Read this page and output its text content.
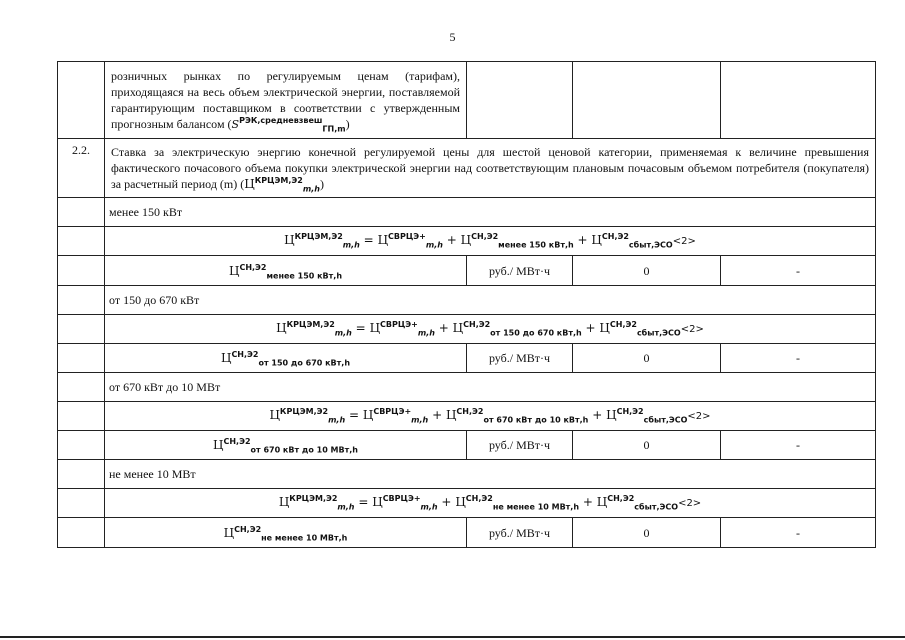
5
	розничных рынках по регулируемым ценам (тарифам), приходящаяся на весь объем электрической энергии, поставляемой гарантирующим поставщиком в соответствии с утвержденным прогнозным балансом $(S^{РЭК,средневзвеш}_{ГП,m})$			
2.2.	Ставка за электрическую энергию конечной регулируемой цены для шестой ценовой категории, применяемая к величине превышения фактического почасового объема покупки электрической энергии над соответствующим плановым почасовым объемом потребителя (покупателя) за расчетный период (m) $(Ц^{КРЦЭМ,Э2}_{m,h})$			
	менее 150 кВт			
	$Ц^{КРЦЭМ,Э2}_{m,h} = Ц^{СВРЦЭ+}_{m,h} + Ц^{СН,Э2}_{менее 150 кВт,h} + Ц^{СН,Э2}_{сбыт,ЭСО}<2>$			
	$Ц^{СН,Э2}_{менее 150 кВт,h}$	руб./ МВт·ч	0	-
	от 150 до 670 кВт			
	$Ц^{КРЦЭМ,Э2}_{m,h} = Ц^{СВРЦЭ+}_{m,h} + Ц^{СН,Э2}_{от 150 до 670 кВт,h} + Ц^{СН,Э2}_{сбыт,ЭСО}<2>$			
	$Ц^{СН,Э2}_{от 150 до 670 кВт,h}$	руб./ МВт·ч	0	-
	от 670 кВт до 10 МВт			
	$Ц^{КРЦЭМ,Э2}_{m,h} = Ц^{СВРЦЭ+}_{m,h} + Ц^{СН,Э2}_{от 670 кВт до 10 кВт,h} + Ц^{СН,Э2}_{сбыт,ЭСО}<2>$			
	$Ц^{СН,Э2}_{от 670 кВт до 10 МВт,h}$	руб./ МВт·ч	0	-
	не менее 10 МВт			
	$Ц^{КРЦЭМ,Э2}_{m,h} = Ц^{СВРЦЭ+}_{m,h} + Ц^{СН,Э2}_{не менее 10 МВт,h} + Ц^{СН,Э2}_{сбыт,ЭСО}<2>$			
	$Ц^{СН,Э2}_{не менее 10 МВт,h}$	руб./ МВт·ч	0	-
